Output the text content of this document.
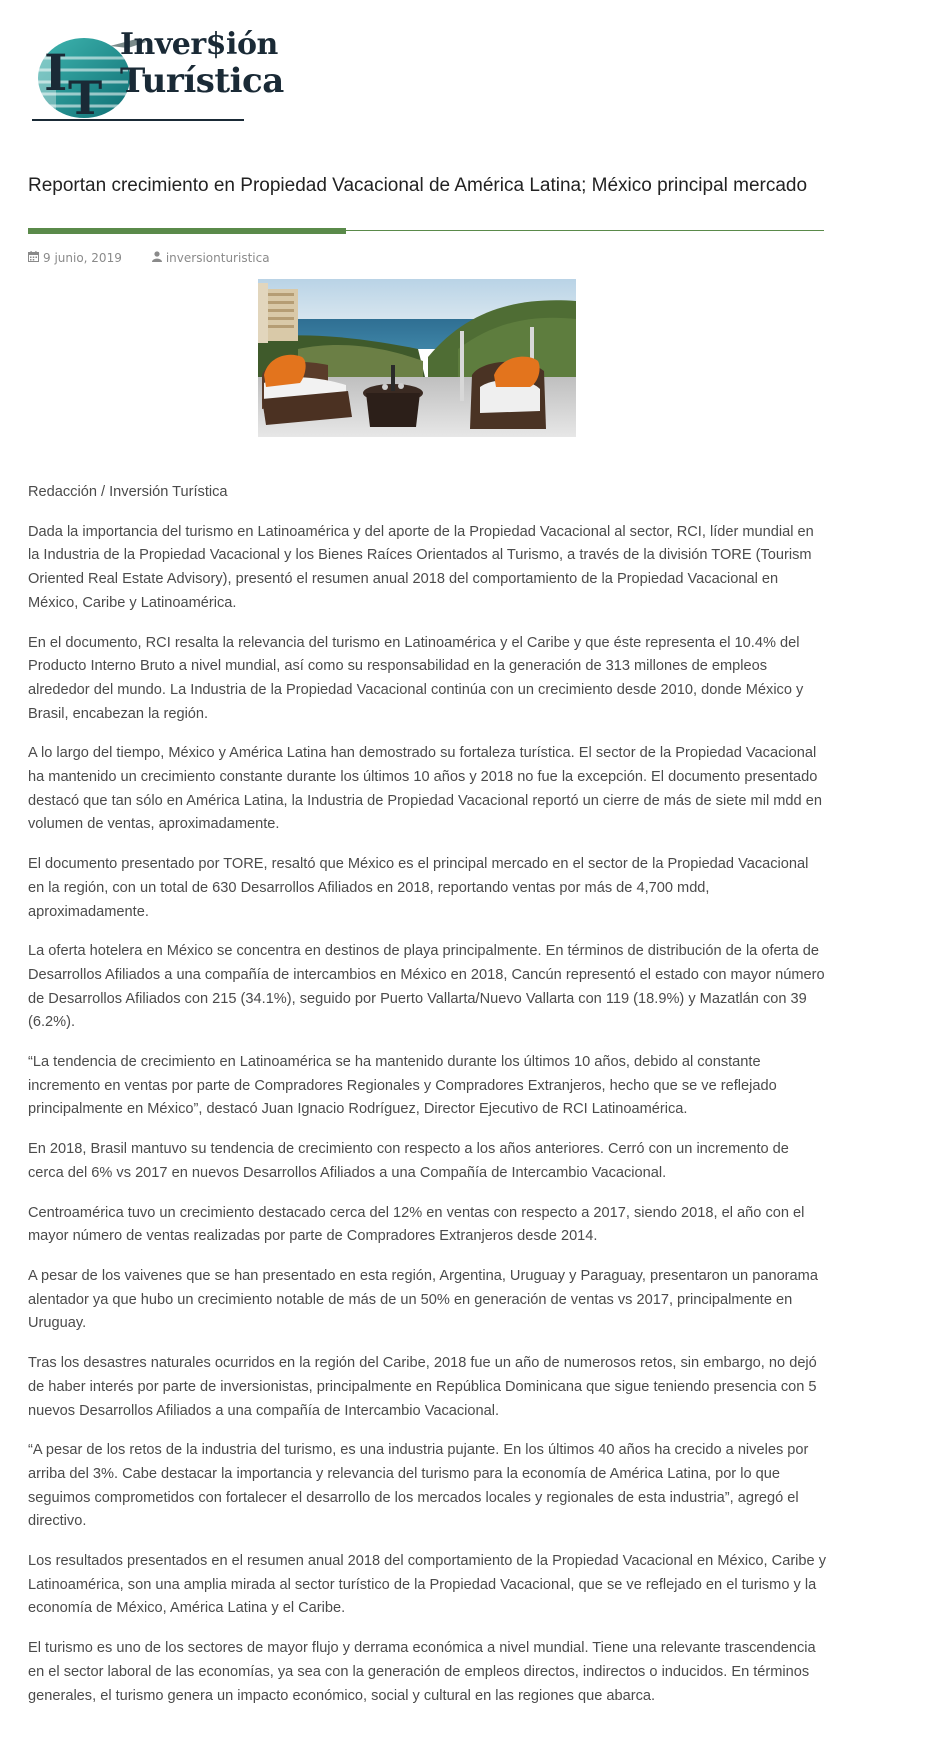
I T
Inver$ión
Turística
Reportan crecimiento en Propiedad Vacacional de América Latina; México principal mercado
9 junio, 2019	inversionturistica

Redacción / Inversión Turística

Dada la importancia del turismo en Latinoamérica y del aporte de la Propiedad Vacacional al sector, RCI, líder mundial en la Industria de la Propiedad Vacacional y los Bienes Raíces Orientados al Turismo, a través de la división TORE (Tourism Oriented Real Estate Advisory), presentó el resumen anual 2018 del comportamiento de la Propiedad Vacacional en México, Caribe y Latinoamérica.

En el documento, RCI resalta la relevancia del turismo en Latinoamérica y el Caribe y que éste representa el 10.4% del Producto Interno Bruto a nivel mundial, así como su responsabilidad en la generación de 313 millones de empleos alrededor del mundo. La Industria de la Propiedad Vacacional continúa con un crecimiento desde 2010, donde México y Brasil, encabezan la región.

A lo largo del tiempo, México y América Latina han demostrado su fortaleza turística. El sector de la Propiedad Vacacional ha mantenido un crecimiento constante durante los últimos 10 años y 2018 no fue la excepción. El documento presentado destacó que tan sólo en América Latina, la Industria de Propiedad Vacacional reportó un cierre de más de siete mil mdd en volumen de ventas, aproximadamente.

El documento presentado por TORE, resaltó que México es el principal mercado en el sector de la Propiedad Vacacional en la región, con un total de 630 Desarrollos Afiliados en 2018, reportando ventas por más de 4,700 mdd, aproximadamente.

La oferta hotelera en México se concentra en destinos de playa principalmente. En términos de distribución de la oferta de Desarrollos Afiliados a una compañía de intercambios en México en 2018, Cancún representó el estado con mayor número de Desarrollos Afiliados con 215 (34.1%), seguido por Puerto Vallarta/Nuevo Vallarta con 119 (18.9%) y Mazatlán con 39 (6.2%).

“La tendencia de crecimiento en Latinoamérica se ha mantenido durante los últimos 10 años, debido al constante incremento en ventas por parte de Compradores Regionales y Compradores Extranjeros, hecho que se ve reflejado principalmente en México”, destacó Juan Ignacio Rodríguez, Director Ejecutivo de RCI Latinoamérica.

En 2018, Brasil mantuvo su tendencia de crecimiento con respecto a los años anteriores. Cerró con un incremento de cerca del 6% vs 2017 en nuevos Desarrollos Afiliados a una Compañía de Intercambio Vacacional.

Centroamérica tuvo un crecimiento destacado cerca del 12% en ventas con respecto a 2017, siendo 2018, el año con el mayor número de ventas realizadas por parte de Compradores Extranjeros desde 2014.

A pesar de los vaivenes que se han presentado en esta región, Argentina, Uruguay y Paraguay, presentaron un panorama alentador ya que hubo un crecimiento notable de más de un 50% en generación de ventas vs 2017, principalmente en Uruguay.

Tras los desastres naturales ocurridos en la región del Caribe, 2018 fue un año de numerosos retos, sin embargo, no dejó de haber interés por parte de inversionistas, principalmente en República Dominicana que sigue teniendo presencia con 5 nuevos Desarrollos Afiliados a una compañía de Intercambio Vacacional.

“A pesar de los retos de la industria del turismo, es una industria pujante. En los últimos 40 años ha crecido a niveles por arriba del 3%. Cabe destacar la importancia y relevancia del turismo para la economía de América Latina, por lo que seguimos comprometidos con fortalecer el desarrollo de los mercados locales y regionales de esta industria”, agregó el directivo.

Los resultados presentados en el resumen anual 2018 del comportamiento de la Propiedad Vacacional en México, Caribe y Latinoamérica, son una amplia mirada al sector turístico de la Propiedad Vacacional, que se ve reflejado en el turismo y la economía de México, América Latina y el Caribe.

El turismo es uno de los sectores de mayor flujo y derrama económica a nivel mundial. Tiene una relevante trascendencia en el sector laboral de las economías, ya sea con la generación de empleos directos, indirectos o inducidos. En términos generales, el turismo genera un impacto económico, social y cultural en las regiones que abarca.
